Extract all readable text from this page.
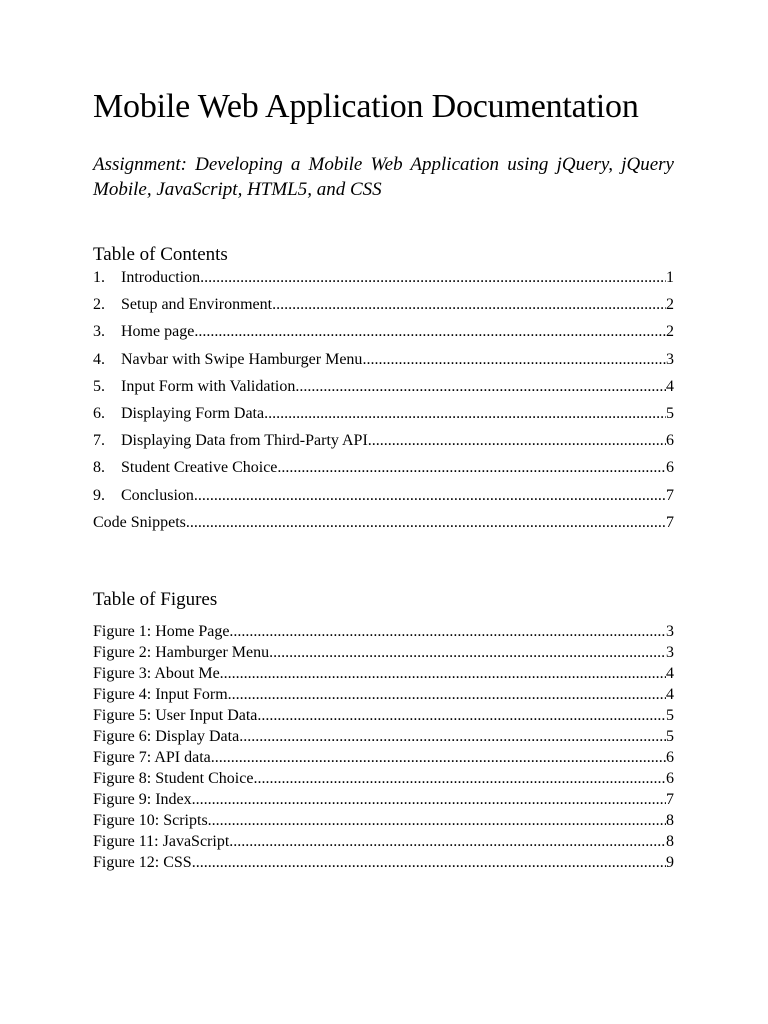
Mobile Web Application Documentation

Assignment: Developing a Mobile Web Application using jQuery, jQuery Mobile, JavaScript, HTML5, and CSS

Table of Contents
1.	Introduction .....	1
2.	Setup and Environment .....	2
3.	Home page .....	2
4.	Navbar with Swipe Hamburger Menu .....	3
5.	Input Form with Validation .....	4
6.	Displaying Form Data .....	5
7.	Displaying Data from Third-Party API .....	6
8.	Student Creative Choice .....	6
9.	Conclusion .....	7
Code Snippets .....	7
Table of Figures
Figure 1: Home Page .....	3
Figure 2: Hamburger Menu .....	3
Figure 3: About Me .....	4
Figure 4: Input Form .....	4
Figure 5: User Input Data .....	5
Figure 6: Display Data .....	5
Figure 7: API data .....	6
Figure 8: Student Choice .....	6
Figure 9: Index .....	7
Figure 10: Scripts .....	8
Figure 11: JavaScript .....	8
Figure 12: CSS .....	9
